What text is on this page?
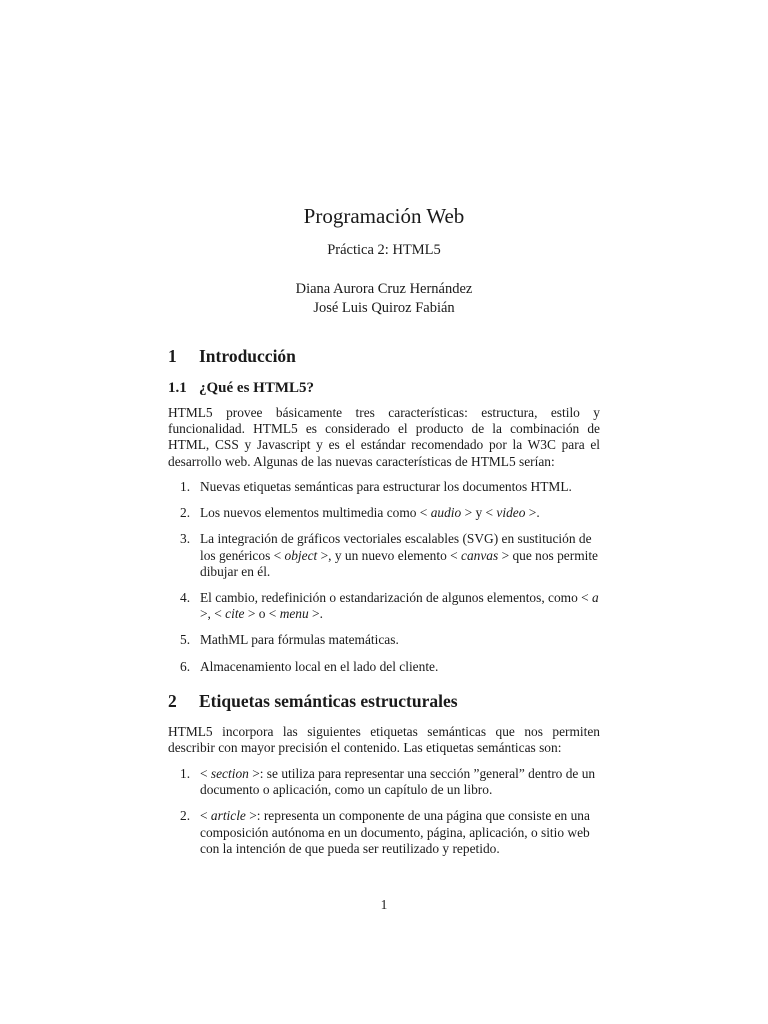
Programación Web
Práctica 2: HTML5
Diana Aurora Cruz Hernández
José Luis Quiroz Fabián
1 Introducción
1.1 ¿Qué es HTML5?

HTML5 provee básicamente tres características: estructura, estilo y funcionalidad. HTML5 es considerado el producto de la combinación de HTML, CSS y Javascript y es el estándar recomendado por la W3C para el desarrollo web. Algunas de las nuevas características de HTML5 serían:

1. Nuevas etiquetas semánticas para estructurar los documentos HTML.
2. Los nuevos elementos multimedia como < audio > y < video >.
3. La integración de gráficos vectoriales escalables (SVG) en sustitución de los genéricos < object >, y un nuevo elemento < canvas > que nos permite dibujar en él.
4. El cambio, redefinición o estandarización de algunos elementos, como < a >, < cite > o < menu >.
5. MathML para fórmulas matemáticas.
6. Almacenamiento local en el lado del cliente.
2 Etiquetas semánticas estructurales

HTML5 incorpora las siguientes etiquetas semánticas que nos permiten describir con mayor precisión el contenido. Las etiquetas semánticas son:

1. < section >: se utiliza para representar una sección ”general” dentro de un documento o aplicación, como un capítulo de un libro.
2. < article >: representa un componente de una página que consiste en una composición autónoma en un documento, página, aplicación, o sitio web con la intención de que pueda ser reutilizado y repetido.
1
